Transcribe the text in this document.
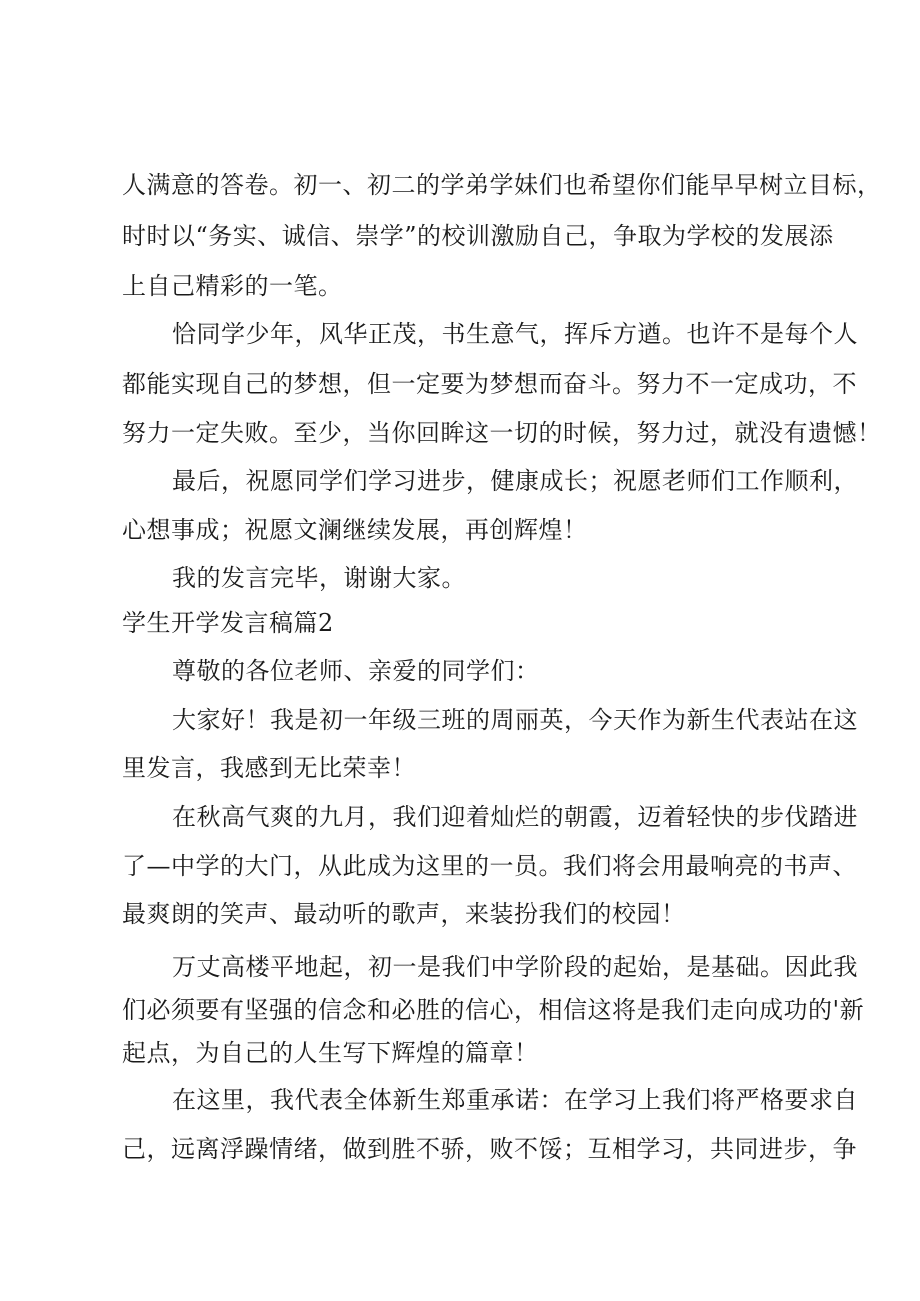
人满意的答卷。初一、初二的学弟学妹们也希望你们能早早树立目标，
时时以“务实、诚信、崇学”的校训激励自己，争取为学校的发展添
上自己精彩的一笔。
恰同学少年，风华正茂，书生意气，挥斥方遒。也许不是每个人
都能实现自己的梦想，但一定要为梦想而奋斗。努力不一定成功，不
努力一定失败。至少，当你回眸这一切的时候，努力过，就没有遗憾！
最后，祝愿同学们学习进步，健康成长；祝愿老师们工作顺利，
心想事成；祝愿文澜继续发展，再创辉煌！
我的发言完毕，谢谢大家。
学生开学发言稿篇2
尊敬的各位老师、亲爱的同学们：
大家好！我是初一年级三班的周丽英，今天作为新生代表站在这
里发言，我感到无比荣幸！
在秋高气爽的九月，我们迎着灿烂的朝霞，迈着轻快的步伐踏进
了—中学的大门，从此成为这里的一员。我们将会用最响亮的书声、
最爽朗的笑声、最动听的歌声，来装扮我们的校园！
万丈高楼平地起，初一是我们中学阶段的起始，是基础。因此我
们必须要有坚强的信念和必胜的信心，相信这将是我们走向成功的'新
起点，为自己的人生写下辉煌的篇章！
在这里，我代表全体新生郑重承诺：在学习上我们将严格要求自
己，远离浮躁情绪，做到胜不骄，败不馁；互相学习，共同进步，争
